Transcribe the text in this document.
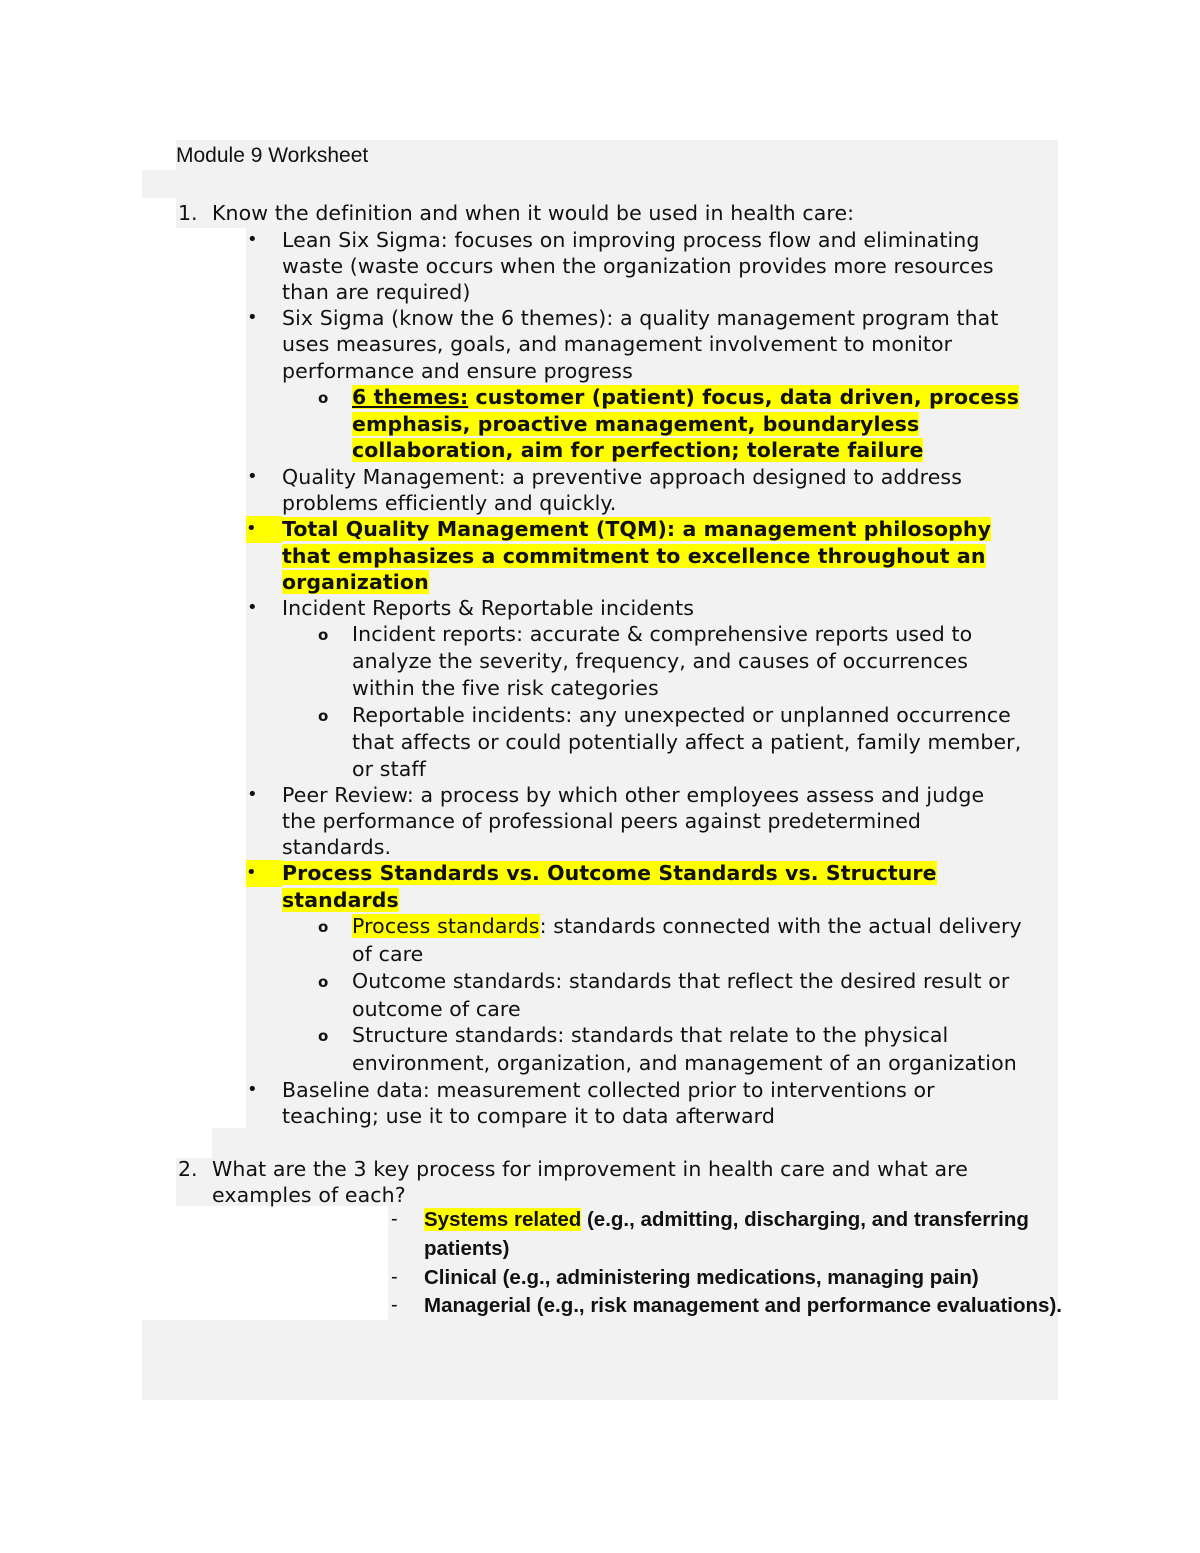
Module 9 Worksheet
1. Know the definition and when it would be used in health care:
• Lean Six Sigma: focuses on improving process flow and eliminating
waste (waste occurs when the organization provides more resources
than are required)
• Six Sigma (know the 6 themes): a quality management program that
uses measures, goals, and management involvement to monitor
performance and ensure progress
o 6 themes: customer (patient) focus, data driven, process
emphasis, proactive management, boundaryless
collaboration, aim for perfection; tolerate failure
• Quality Management: a preventive approach designed to address
problems efficiently and quickly.
•	Total Quality Management (TQM): a management philosophy
that emphasizes a commitment to excellence throughout an
organization
• Incident Reports & Reportable incidents
o Incident reports: accurate & comprehensive reports used to
analyze the severity, frequency, and causes of occurrences
within the five risk categories
o Reportable incidents: any unexpected or unplanned occurrence
that affects or could potentially affect a patient, family member,
or staff
• Peer Review: a process by which other employees assess and judge
the performance of professional peers against predetermined
standards.
•	Process Standards vs. Outcome Standards vs. Structure
standards
o Process standards: standards connected with the actual delivery
of care
o Outcome standards: standards that reflect the desired result or
outcome of care
o Structure standards: standards that relate to the physical
environment, organization, and management of an organization
• Baseline data: measurement collected prior to interventions or
teaching; use it to compare it to data afterward
2. What are the 3 key process for improvement in health care and what are
examples of each?
- Systems related (e.g., admitting, discharging, and transferring
patients)
- Clinical (e.g., administering medications, managing pain)
- Managerial (e.g., risk management and performance evaluations).
